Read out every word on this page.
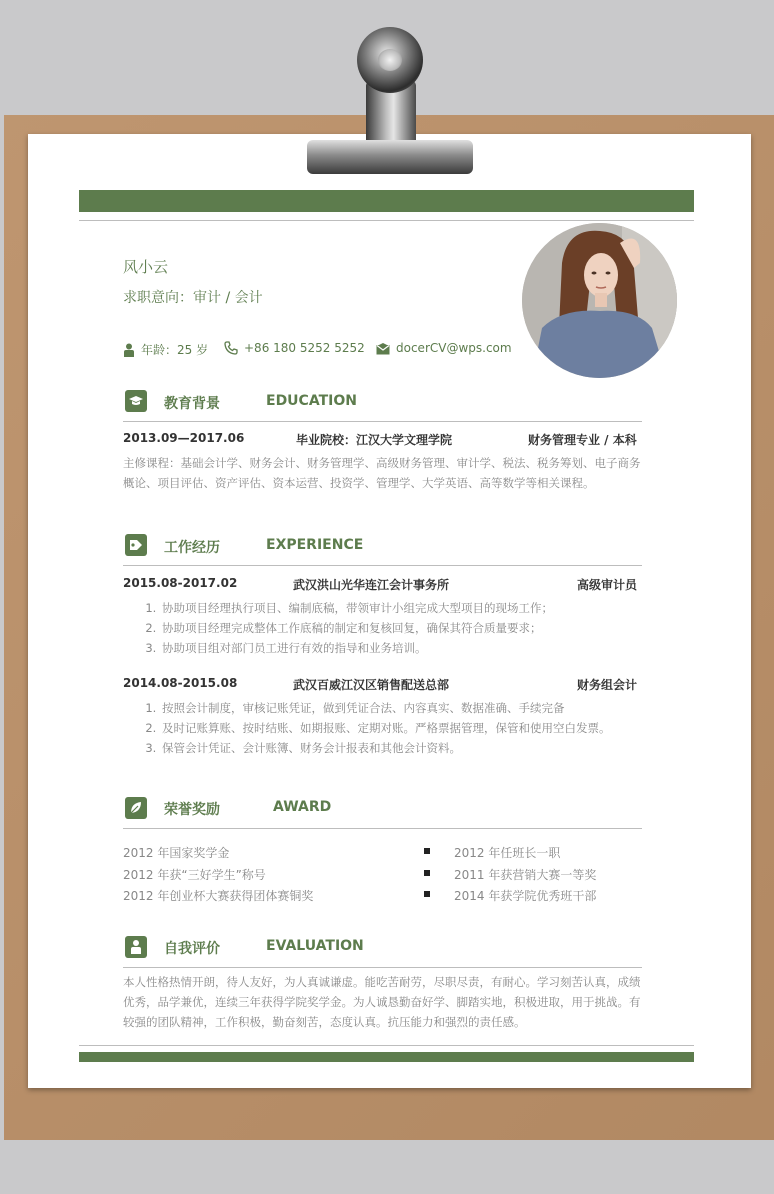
风小云
求职意向：审计 / 会计
年龄：25 岁	+86 180 5252 5252	docerCV@wps.com
教育背景	EDUCATION
2013.09—2017.06	毕业院校：江汉大学文理学院	财务管理专业 / 本科
主修课程：基础会计学、财务会计、财务管理学、高级财务管理、审计学、税法、税务筹划、电子商务概论、项目评估、资产评估、资本运营、投资学、管理学、大学英语、高等数学等相关课程。
工作经历	EXPERIENCE
2015.08-2017.02	武汉洪山光华连江会计事务所	高级审计员
1. 协助项目经理执行项目、编制底稿，带领审计小组完成大型项目的现场工作；
2. 协助项目经理完成整体工作底稿的制定和复核回复，确保其符合质量要求；
3. 协助项目组对部门员工进行有效的指导和业务培训。
2014.08-2015.08	武汉百威江汉区销售配送总部	财务组会计
1. 按照会计制度，审核记账凭证，做到凭证合法、内容真实、数据准确、手续完备
2. 及时记账算账、按时结账、如期报账、定期对账。严格票据管理，保管和使用空白发票。
3. 保管会计凭证、会计账簿、财务会计报表和其他会计资料。
荣誉奖励	AWARD
2012 年国家奖学金
2012 年获“三好学生”称号
2012 年创业杯大赛获得团体赛铜奖
2012 年任班长一职
2011 年获营销大赛一等奖
2014 年获学院优秀班干部
自我评价	EVALUATION
本人性格热情开朗，待人友好，为人真诚谦虚。能吃苦耐劳，尽职尽责，有耐心。学习刻苦认真，成绩优秀，品学兼优，连续三年获得学院奖学金。为人诚恳勤奋好学、脚踏实地，积极进取，用于挑战。有较强的团队精神，工作积极，勤奋刻苦，态度认真。抗压能力和强烈的责任感。
